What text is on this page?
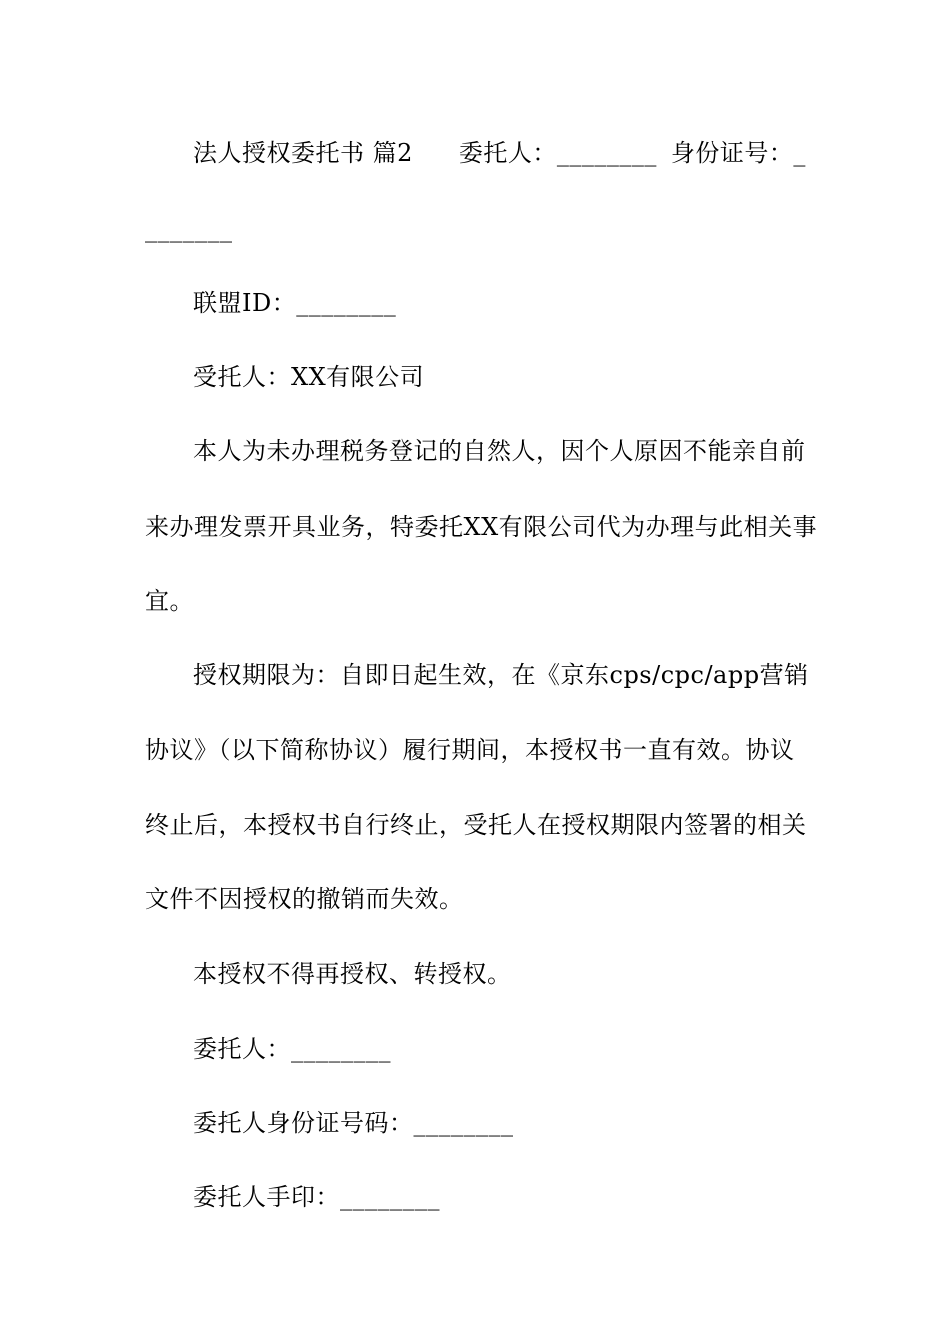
法人授权委托书 篇2 委托人：________ 身份证号：_
_______
联盟ID：________
受托人：XX有限公司
本人为未办理税务登记的自然人，因个人原因不能亲自前
来办理发票开具业务，特委托XX有限公司代为办理与此相关事
宜。
授权期限为：自即日起生效，在《京东cps/cpc/app营销
协议》（以下简称协议）履行期间，本授权书一直有效。协议
终止后，本授权书自行终止，受托人在授权期限内签署的相关
文件不因授权的撤销而失效。
本授权不得再授权、转授权。
委托人：________
委托人身份证号码：________
委托人手印：________
